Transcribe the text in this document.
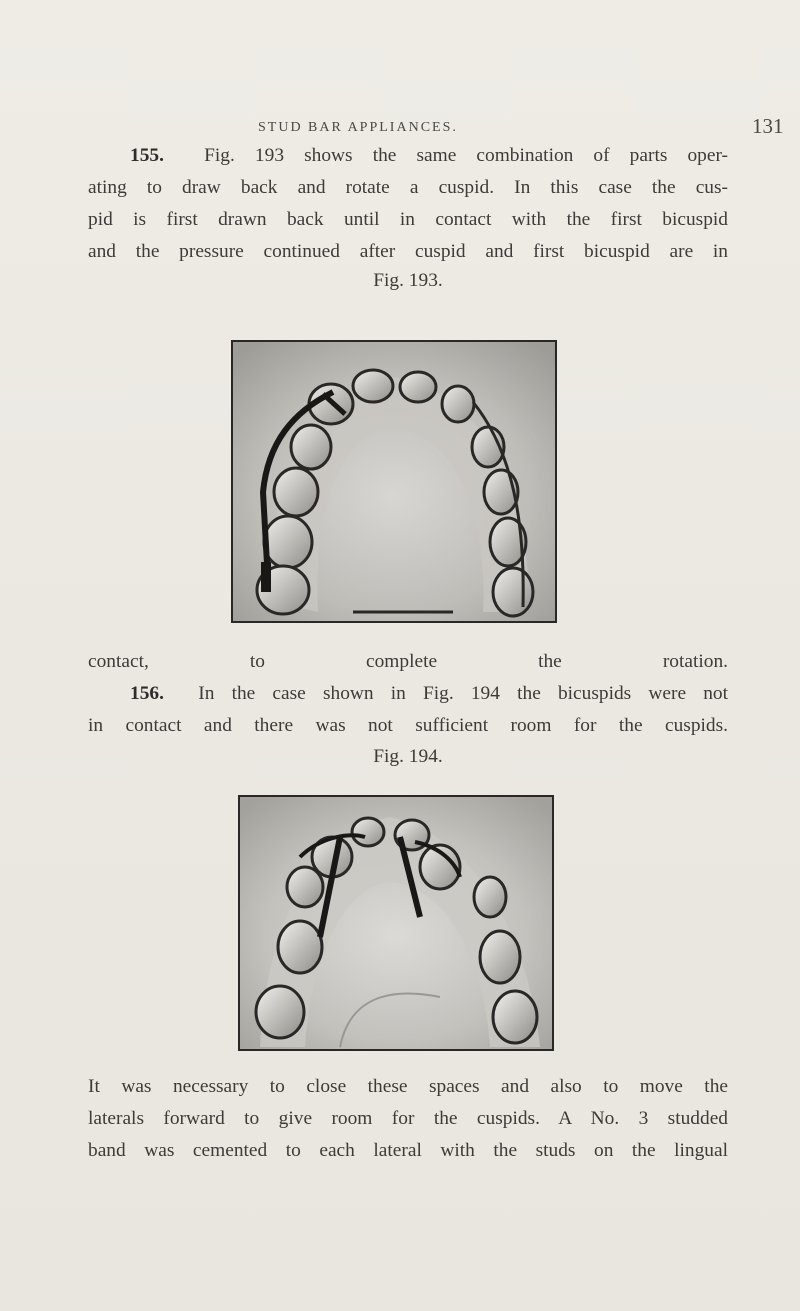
STUD BAR APPLIANCES.	131
155. Fig. 193 shows the same combination of parts oper-
ating to draw back and rotate a cuspid. In this case the cus-
pid is first drawn back until in contact with the first bicuspid
and the pressure continued after cuspid and first bicuspid are in
Fig. 193.
contact, to complete the rotation.
156. In the case shown in Fig. 194 the bicuspids were not
in contact and there was not sufficient room for the cuspids.
Fig. 194.
It was necessary to close these spaces and also to move the
laterals forward to give room for the cuspids. A No. 3 studded
band was cemented to each lateral with the studs on the lingual
